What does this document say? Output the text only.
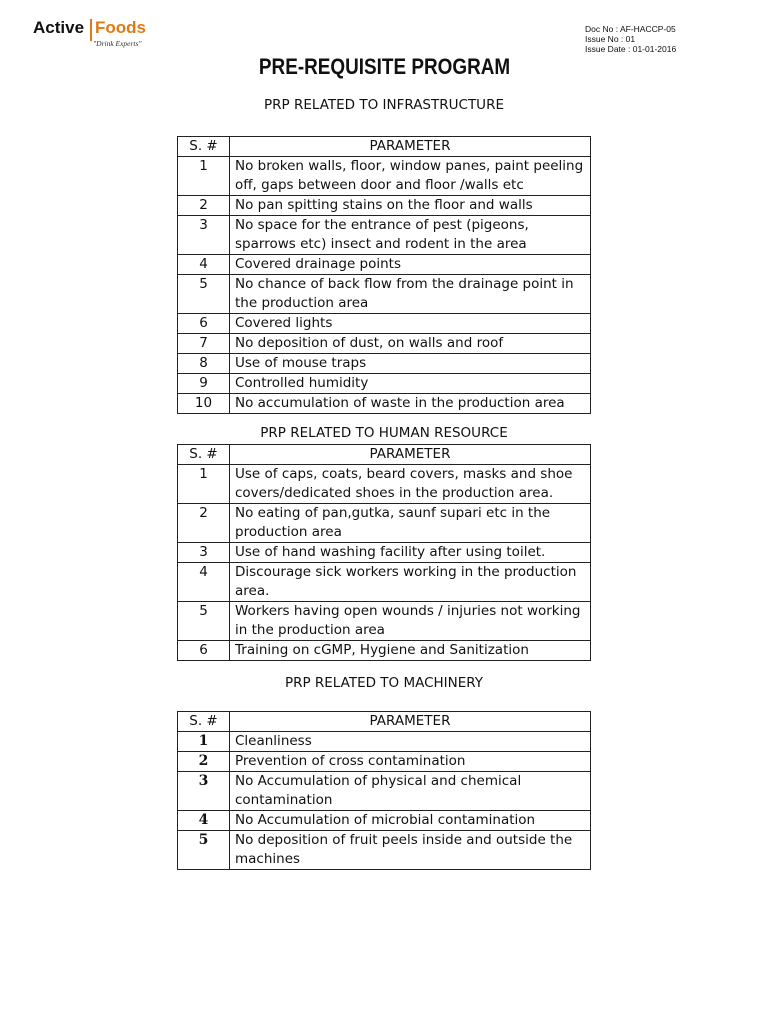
Active Foods
"Drink Experts"
Doc No : AF-HACCP-05
Issue No : 01
Issue Date : 01-01-2016
PRE-REQUISITE PROGRAM
PRP RELATED TO INFRASTRUCTURE
S. #	PARAMETER
1	No broken walls, floor, window panes, paint peeling off, gaps between door and floor /walls etc
2	No pan spitting stains on the floor and walls
3	No space for the entrance of pest (pigeons, sparrows etc) insect and rodent in the area
4	Covered drainage points
5	No chance of back flow from the drainage point in the production area
6	Covered lights
7	No deposition of dust, on walls and roof
8	Use of mouse traps
9	Controlled humidity
10	No accumulation of waste in the production area
PRP RELATED TO HUMAN RESOURCE
S. #	PARAMETER
1	Use of caps, coats, beard covers, masks and shoe covers/dedicated shoes in the production area.
2	No eating of pan,gutka, saunf supari etc in the production area
3	Use of hand washing facility after using toilet.
4	Discourage sick workers working in the production area.
5	Workers having open wounds / injuries not working in the production area
6	Training on cGMP, Hygiene and Sanitization
PRP RELATED TO MACHINERY
S. #	PARAMETER
1	Cleanliness
2	Prevention of cross contamination
3	No Accumulation of physical and chemical contamination
4	No Accumulation of microbial contamination
5	No deposition of fruit peels inside and outside the machines
